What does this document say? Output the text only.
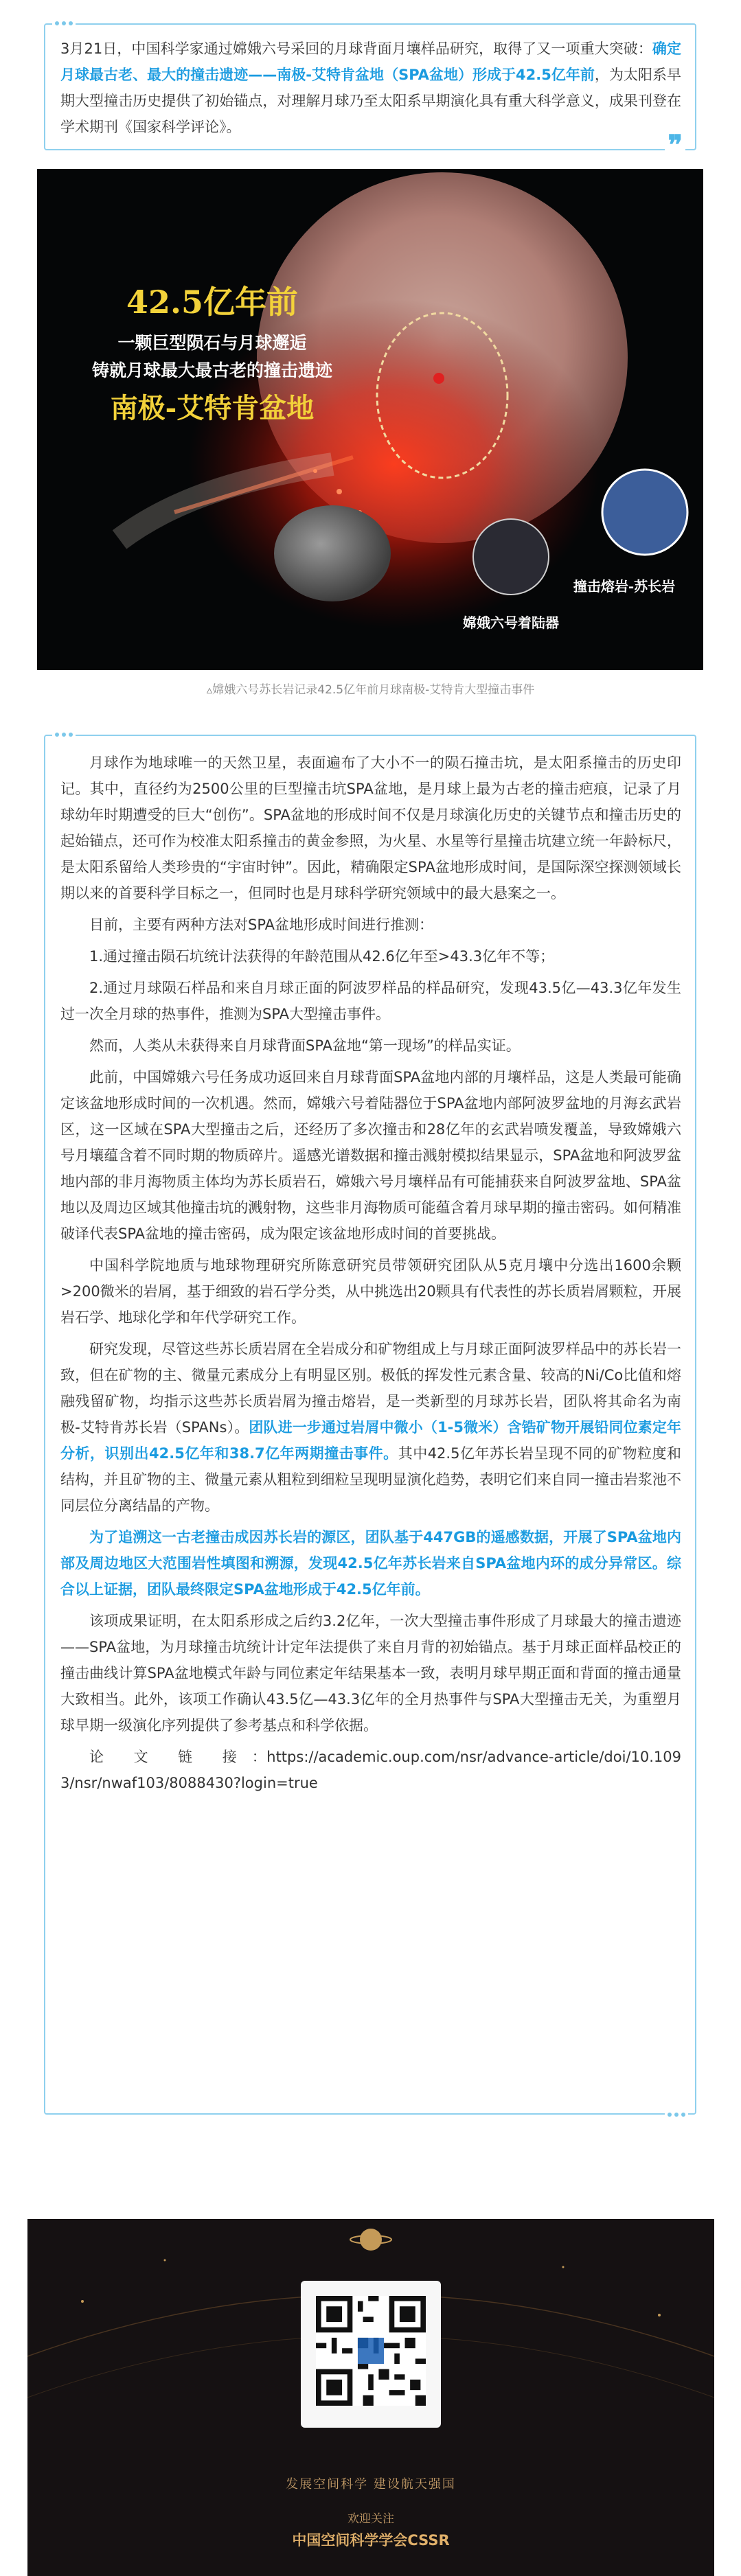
❞
3月21日，中国科学家通过嫦娥六号采回的月球背面月壤样品研究，取得了又一项重大突破：确定月球最古老、最大的撞击遗迹——南极-艾特肯盆地（SPA盆地）形成于42.5亿年前，为太阳系早期大型撞击历史提供了初始锚点，对理解月球乃至太阳系早期演化具有重大科学意义，成果刊登在学术期刊《国家科学评论》。
42.5亿年前
一颗巨型陨石与月球邂逅
铸就月球最大最古老的撞击遗迹
南极-艾特肯盆地
撞击熔岩-苏长岩
嫦娥六号着陆器
▵嫦娥六号苏长岩记录42.5亿年前月球南极-艾特肯大型撞击事件

月球作为地球唯一的天然卫星，表面遍布了大小不一的陨石撞击坑，是太阳系撞击的历史印记。其中，直径约为2500公里的巨型撞击坑SPA盆地，是月球上最为古老的撞击疤痕，记录了月球幼年时期遭受的巨大“创伤”。SPA盆地的形成时间不仅是月球演化历史的关键节点和撞击历史的起始锚点，还可作为校准太阳系撞击的黄金参照，为火星、水星等行星撞击坑建立统一年龄标尺，是太阳系留给人类珍贵的“宇宙时钟”。因此，精确限定SPA盆地形成时间，是国际深空探测领域长期以来的首要科学目标之一，但同时也是月球科学研究领域中的最大悬案之一。

目前，主要有两种方法对SPA盆地形成时间进行推测：

1.通过撞击陨石坑统计法获得的年龄范围从42.6亿年至>43.3亿年不等；

2.通过月球陨石样品和来自月球正面的阿波罗样品的样品研究，发现43.5亿—43.3亿年发生过一次全月球的热事件，推测为SPA大型撞击事件。

然而，人类从未获得来自月球背面SPA盆地“第一现场”的样品实证。

此前，中国嫦娥六号任务成功返回来自月球背面SPA盆地内部的月壤样品，这是人类最可能确定该盆地形成时间的一次机遇。然而，嫦娥六号着陆器位于SPA盆地内部阿波罗盆地的月海玄武岩区，这一区域在SPA大型撞击之后，还经历了多次撞击和28亿年的玄武岩喷发覆盖，导致嫦娥六号月壤蕴含着不同时期的物质碎片。遥感光谱数据和撞击溅射模拟结果显示，SPA盆地和阿波罗盆地内部的非月海物质主体均为苏长质岩石，嫦娥六号月壤样品有可能捕获来自阿波罗盆地、SPA盆地以及周边区域其他撞击坑的溅射物，这些非月海物质可能蕴含着月球早期的撞击密码。如何精准破译代表SPA盆地的撞击密码，成为限定该盆地形成时间的首要挑战。

中国科学院地质与地球物理研究所陈意研究员带领研究团队从5克月壤中分选出1600余颗>200微米的岩屑，基于细致的岩石学分类，从中挑选出20颗具有代表性的苏长质岩屑颗粒，开展岩石学、地球化学和年代学研究工作。

研究发现，尽管这些苏长质岩屑在全岩成分和矿物组成上与月球正面阿波罗样品中的苏长岩一致，但在矿物的主、微量元素成分上有明显区别。极低的挥发性元素含量、较高的Ni/Co比值和熔融残留矿物，均指示这些苏长质岩屑为撞击熔岩，是一类新型的月球苏长岩，团队将其命名为南极-艾特肯苏长岩（SPANs）。团队进一步通过岩屑中微小（1-5微米）含锆矿物开展铅同位素定年分析，识别出42.5亿年和38.7亿年两期撞击事件。其中42.5亿年苏长岩呈现不同的矿物粒度和结构，并且矿物的主、微量元素从粗粒到细粒呈现明显演化趋势，表明它们来自同一撞击岩浆池不同层位分离结晶的产物。

为了追溯这一古老撞击成因苏长岩的源区，团队基于447GB的遥感数据，开展了SPA盆地内部及周边地区大范围岩性填图和溯源，发现42.5亿年苏长岩来自SPA盆地内环的成分异常区。综合以上证据，团队最终限定SPA盆地形成于42.5亿年前。

该项成果证明，在太阳系形成之后约3.2亿年，一次大型撞击事件形成了月球最大的撞击遗迹——SPA盆地，为月球撞击坑统计计定年法提供了来自月背的初始锚点。基于月球正面样品校正的撞击曲线计算SPA盆地模式年龄与同位素定年结果基本一致，表明月球早期正面和背面的撞击通量大致相当。此外，该项工作确认43.5亿—43.3亿年的全月热事件与SPA大型撞击无关，为重塑月球早期一级演化序列提供了参考基点和科学依据。

论　　文　　链　　接　：https://academic.oup.com/nsr/advance-article/doi/10.1093/nsr/nwaf103/8088430?login=true

发展空间科学 建设航天强国
欢迎关注
中国空间科学学会CSSR
